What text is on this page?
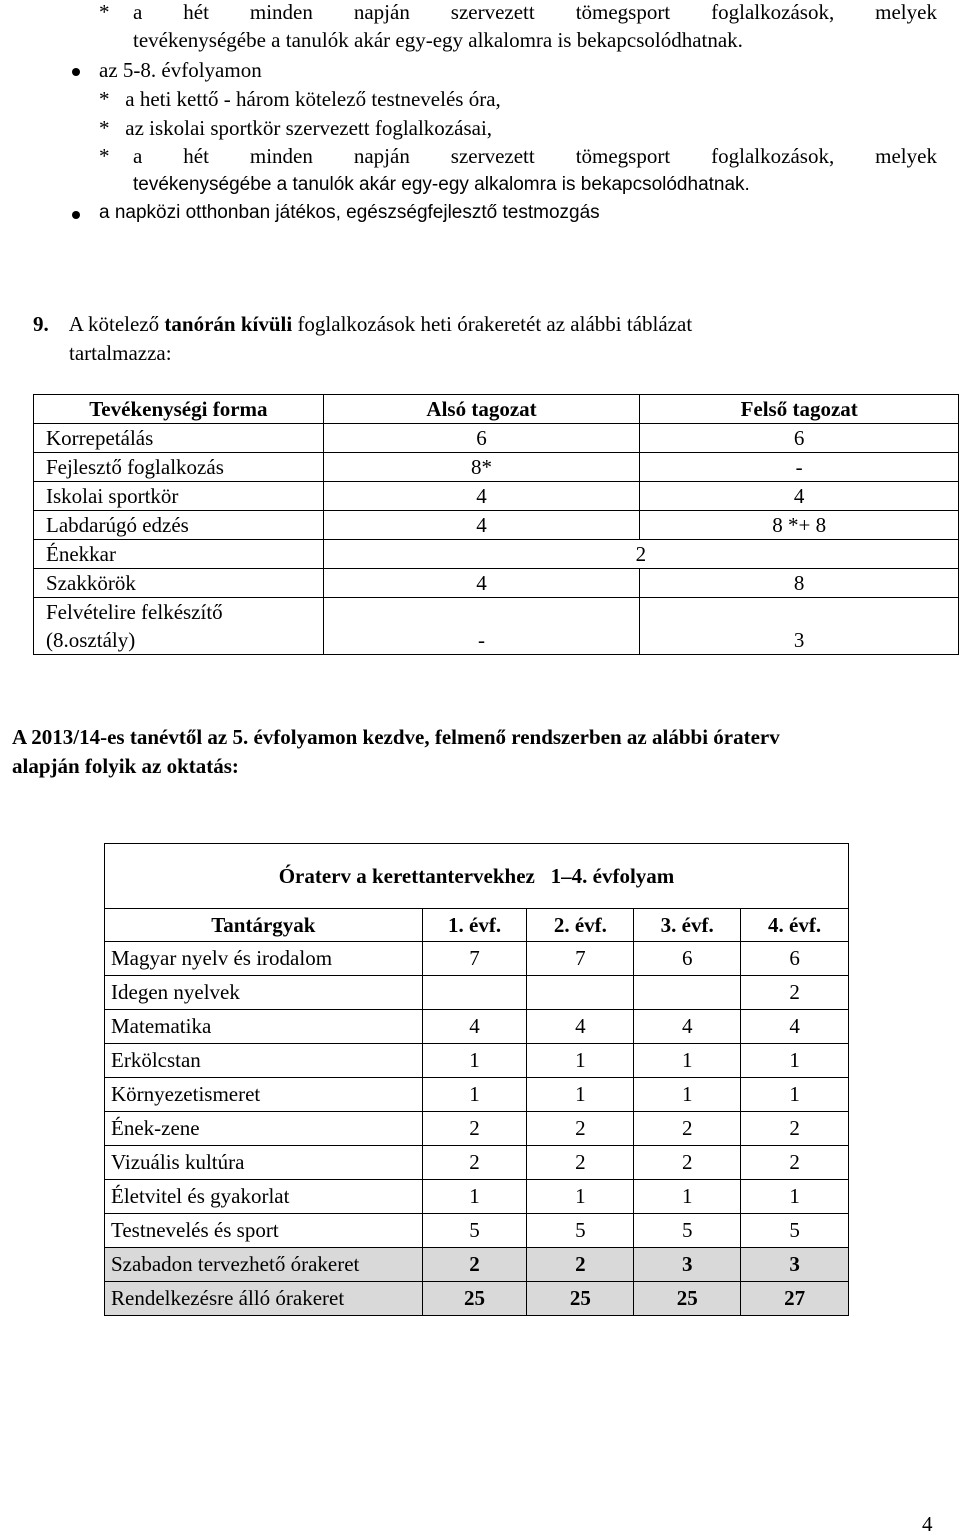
* a hét minden napján szervezett tömegsport foglalkozások, melyek
tevékenységébe a tanulók akár egy-egy alkalomra is bekapcsolódhatnak.
az 5-8. évfolyamon
*   a heti kettő - három kötelező testnevelés óra,
*   az iskolai sportkör szervezett foglalkozásai,
* a hét minden napján szervezett tömegsport foglalkozások, melyek
tevékenységébe a tanulók akár egy-egy alkalomra is bekapcsolódhatnak.
a napközi otthonban játékos, egészségfejlesztő testmozgás
9. A kötelező tanórán kívüli foglalkozások heti órakeretét az alábbi táblázat
tartalmazza:
Tevékenységi forma	Alsó tagozat	Felső tagozat
Korrepetálás	6	6
Fejlesztő foglalkozás	8*	-
Iskolai sportkör	4	4
Labdarúgó edzés	4	8 *+ 8
Énekkar	2	
Szakkörök	4	8

Felvételire felkészítő
(8.osztály)	-	3
A 2013/14-es tanévtől az 5. évfolyamon kezdve, felmenő rendszerben az alábbi óraterv
alapján folyik az oktatás:
Óraterv a kerettantervekhez   1–4. évfolyam				
Tantárgyak	1. évf.	2. évf.	3. évf.	4. évf.
Magyar nyelv és irodalom	7	7	6	6
Idegen nyelvek				2
Matematika	4	4	4	4
Erkölcstan	1	1	1	1
Környezetismeret	1	1	1	1
Ének-zene	2	2	2	2
Vizuális kultúra	2	2	2	2
Életvitel és gyakorlat	1	1	1	1
Testnevelés és sport	5	5	5	5
Szabadon tervezhető órakeret	2	2	3	3
Rendelkezésre álló órakeret	25	25	25	27
4
